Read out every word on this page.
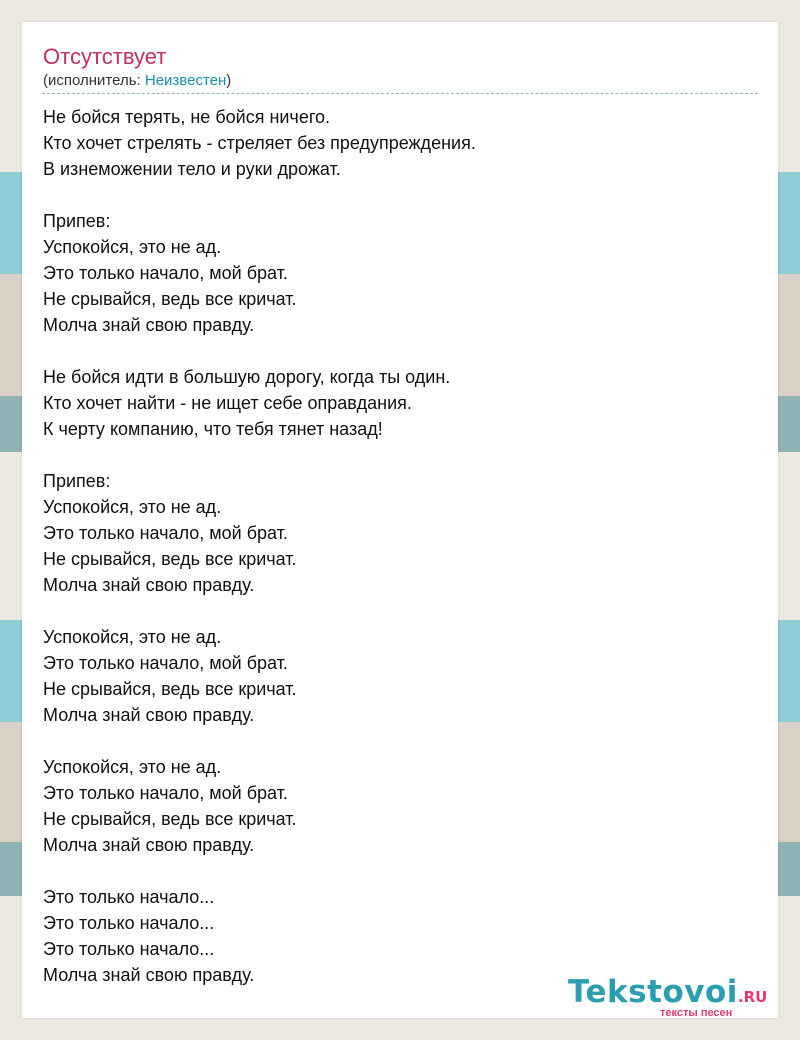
Отсутствует
(исполнитель: Неизвестен)
Не бойся терять, не бойся ничего.
Кто хочет стрелять - стреляет без предупреждения.
В изнеможении тело и руки дрожат.
Припев:
Успокойся, это не ад.
Это только начало, мой брат.
Не срывайся, ведь все кричат.
Молча знай свою правду.
Не бойся идти в большую дорогу, когда ты один.
Кто хочет найти - не ищет себе оправдания.
К черту компанию, что тебя тянет назад!
Припев:
Успокойся, это не ад.
Это только начало, мой брат.
Не срывайся, ведь все кричат.
Молча знай свою правду.
Успокойся, это не ад.
Это только начало, мой брат.
Не срывайся, ведь все кричат.
Молча знай свою правду.
Успокойся, это не ад.
Это только начало, мой брат.
Не срывайся, ведь все кричат.
Молча знай свою правду.
Это только начало...
Это только начало...
Это только начало...
Молча знай свою правду.	Tekstovoi.RU
тексты песен
